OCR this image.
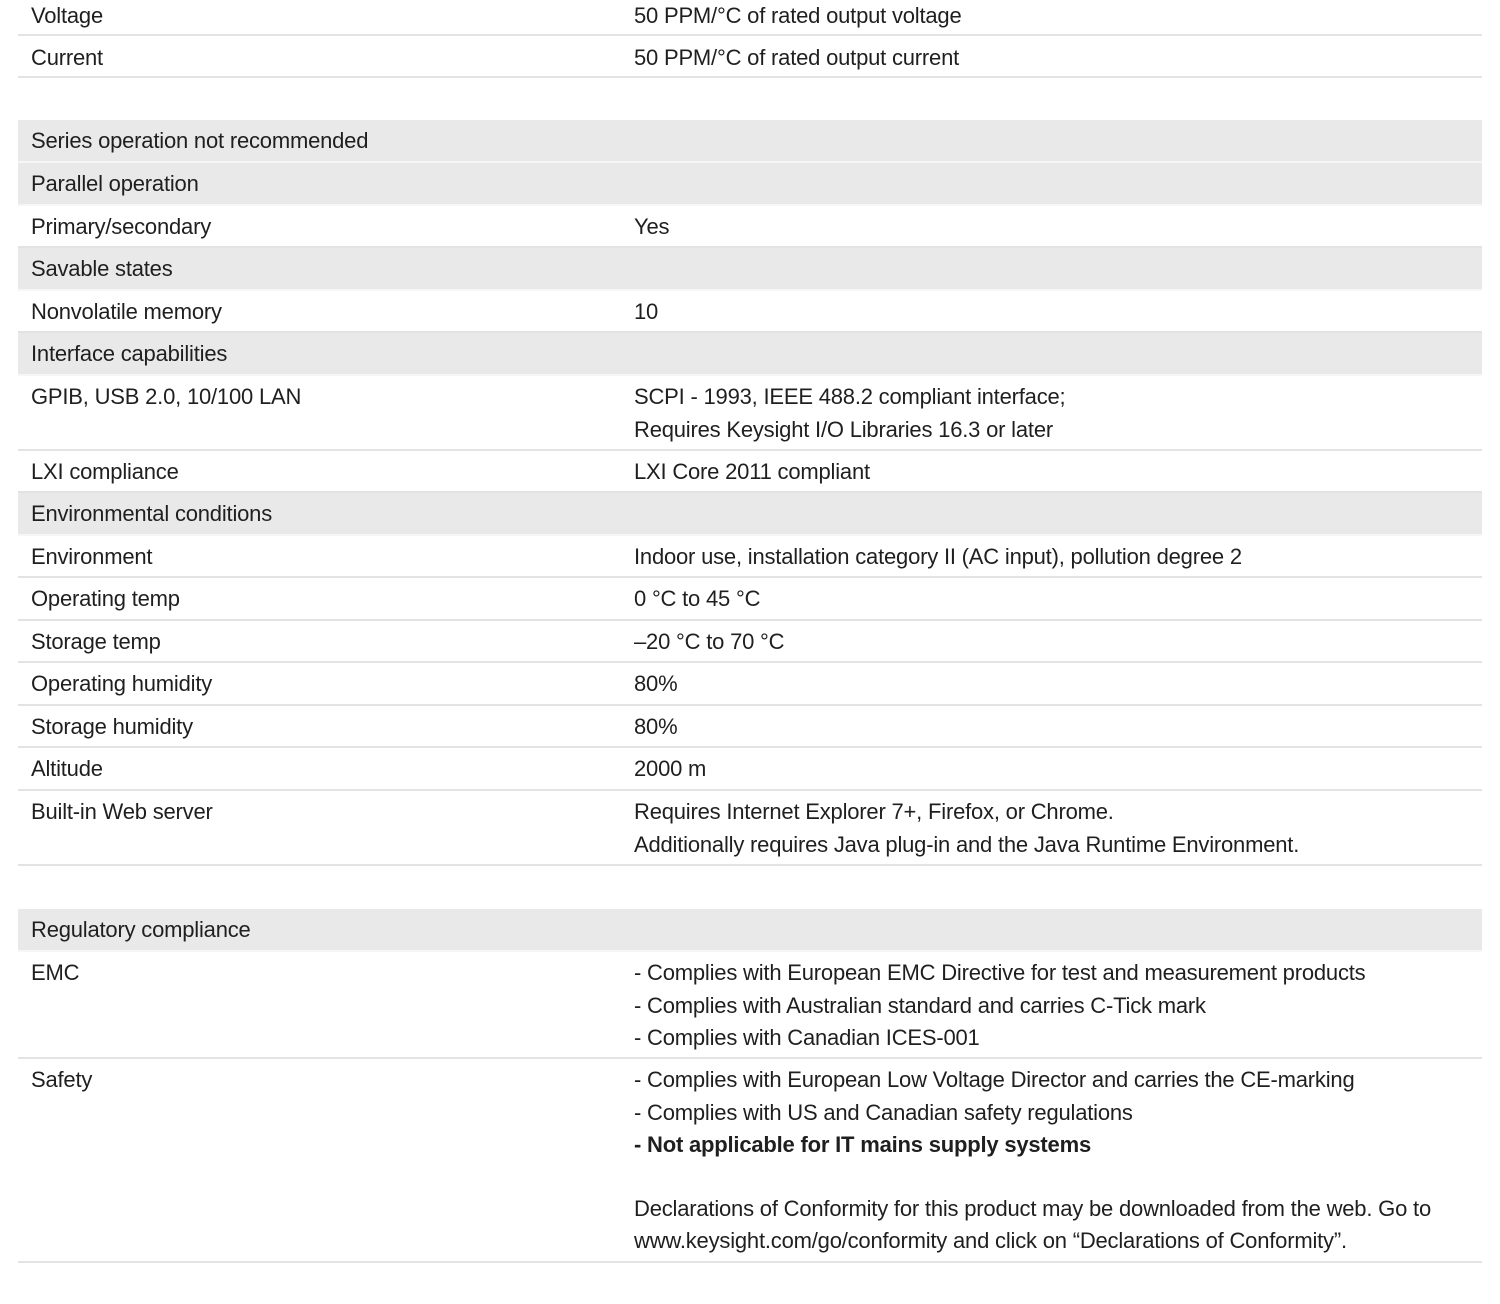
Voltage	50 PPM/°C of rated output voltage
Current	50 PPM/°C of rated output current
Series operation not recommended
Parallel operation
Primary/secondary	Yes
Savable states
Nonvolatile memory	10
Interface capabilities
GPIB, USB 2.0, 10/100 LAN	SCPI - 1993, IEEE 488.2 compliant interface;
Requires Keysight I/O Libraries 16.3 or later
LXI compliance	LXI Core 2011 compliant
Environmental conditions
Environment	Indoor use, installation category II (AC input), pollution degree 2
Operating temp	0 °C to 45 °C
Storage temp	–20 °C to 70 °C
Operating humidity	80%
Storage humidity	80%
Altitude	2000 m
Built-in Web server	Requires Internet Explorer 7+, Firefox, or Chrome.
Additionally requires Java plug-in and the Java Runtime Environment.
Regulatory compliance
EMC	- Complies with European EMC Directive for test and measurement products
- Complies with Australian standard and carries C-Tick mark
- Complies with Canadian ICES-001
Safety	- Complies with European Low Voltage Director and carries the CE-marking
- Complies with US and Canadian safety regulations
- Not applicable for IT mains supply systems
Declarations of Conformity for this product may be downloaded from the web. Go to
www.keysight.com/go/conformity and click on “Declarations of Conformity”.
